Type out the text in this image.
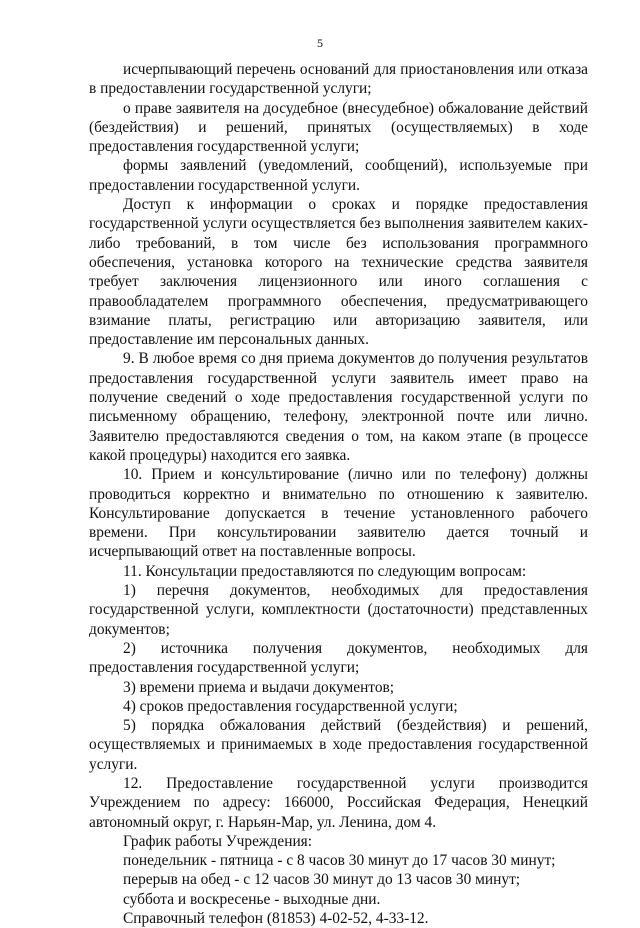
5

исчерпывающий перечень оснований для приостановления или отказа в предоставлении государственной услуги;

о праве заявителя на досудебное (внесудебное) обжалование действий (бездействия) и решений, принятых (осуществляемых) в ходе предоставления государственной услуги;

формы заявлений (уведомлений, сообщений), используемые при предоставлении государственной услуги.

Доступ к информации о сроках и порядке предоставления государственной услуги осуществляется без выполнения заявителем каких-либо требований, в том числе без использования программного обеспечения, установка которого на технические средства заявителя требует заключения лицензионного или иного соглашения с правообладателем программного обеспечения, предусматривающего взимание платы, регистрацию или авторизацию заявителя, или предоставление им персональных данных.

9. В любое время со дня приема документов до получения результатов предоставления государственной услуги заявитель имеет право на получение сведений о ходе предоставления государственной услуги по письменному обращению, телефону, электронной почте или лично. Заявителю предоставляются сведения о том, на каком этапе (в процессе какой процедуры) находится его заявка.

10. Прием и консультирование (лично или по телефону) должны проводиться корректно и внимательно по отношению к заявителю. Консультирование допускается в течение установленного рабочего времени. При консультировании заявителю дается точный и исчерпывающий ответ на поставленные вопросы.

11. Консультации предоставляются по следующим вопросам:

1) перечня документов, необходимых для предоставления государственной услуги, комплектности (достаточности) представленных документов;

2) источника получения документов, необходимых для предоставления государственной услуги;

3) времени приема и выдачи документов;

4) сроков предоставления государственной услуги;

5) порядка обжалования действий (бездействия) и решений, осуществляемых и принимаемых в ходе предоставления государственной услуги.

12. Предоставление государственной услуги производится Учреждением по адресу: 166000, Российская Федерация, Ненецкий автономный округ, г. Нарьян-Мар, ул. Ленина, дом 4.

График работы Учреждения:

понедельник - пятница - с 8 часов 30 минут до 17 часов 30 минут;

перерыв на обед - с 12 часов 30 минут до 13 часов 30 минут;

суббота и воскресенье - выходные дни.

Справочный телефон (81853) 4-02-52, 4-33-12.
